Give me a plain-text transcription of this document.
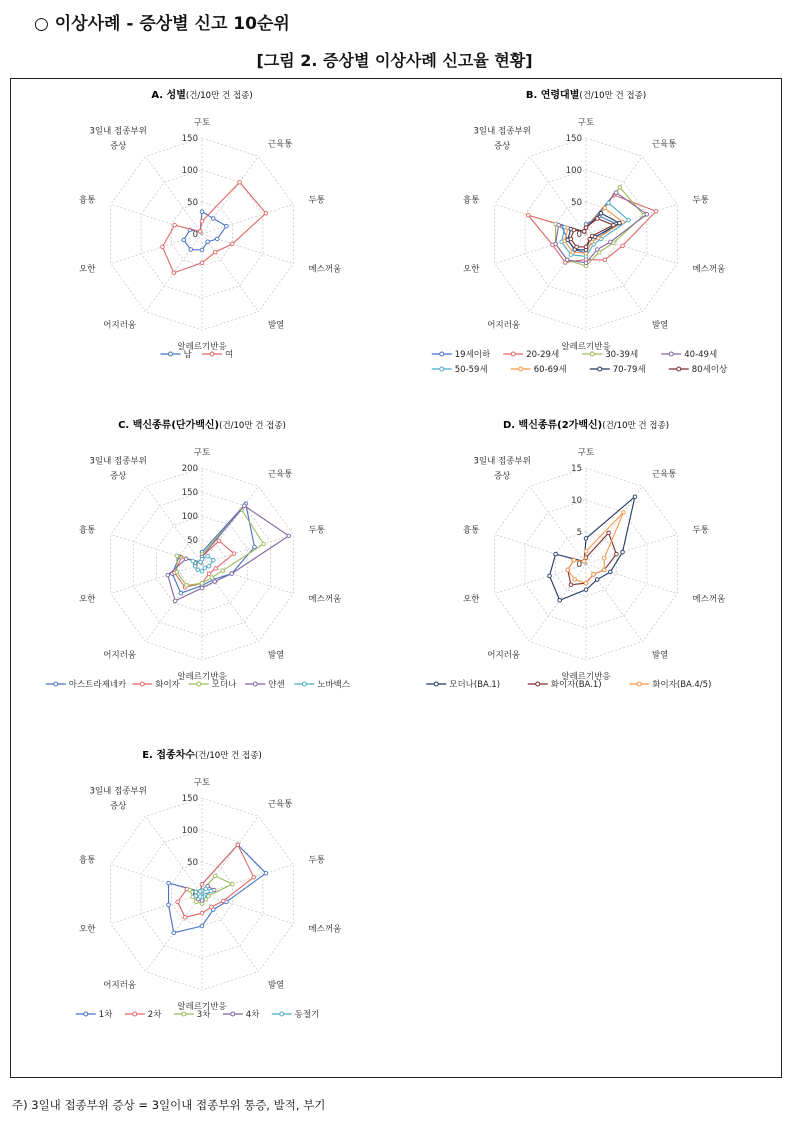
○ 이상사례 - 증상별 신고 10순위
[그림 2. 증상별 이상사례 신고율 현황]
A. 성별(건/10만 건 접종)
0
50
100
150
구토
근육통
두통
메스꺼움
발열
알레르기반응
어지러움
오한
흉통
3일내 접종부위 증상
남	여
B. 연령대별(건/10만 건 접종)
0
50
100
150
구토
근육통
두통
메스꺼움
발열
알레르기반응
어지러움
오한
흉통
3일내 접종부위 증상
19세이하	20-29세	30-39세	40-49세
50-59세	60-69세	70-79세	80세이상
C. 백신종류(단가백신)(건/10만 건 접종)
50
100
150
200
구토
근육통
두통
메스꺼움
발열
알레르기반응
어지러움
오한
흉통
3일내 접종부위 증상
아스트라제네카	화이자	모더나	얀센	노바백스
D. 백신종류(2가백신)(건/10만 건 접종)
0
5
10
15
구토
근육통
두통
메스꺼움
발열
알레르기반응
어지러움
오한
흉통
3일내 접종부위 증상
모더나(BA.1)	화이자(BA.1)	화이자(BA.4/5)
E. 접종차수(건/10만 건 접종)
50
100
150
구토
근육통
두통
메스꺼움
발열
알레르기반응
어지러움
오한
흉통
3일내 접종부위 증상
1차	2차	3차	4차	동절기
주) 3일내 접종부위 증상 = 3일이내 접종부위 통증, 발적, 부기
